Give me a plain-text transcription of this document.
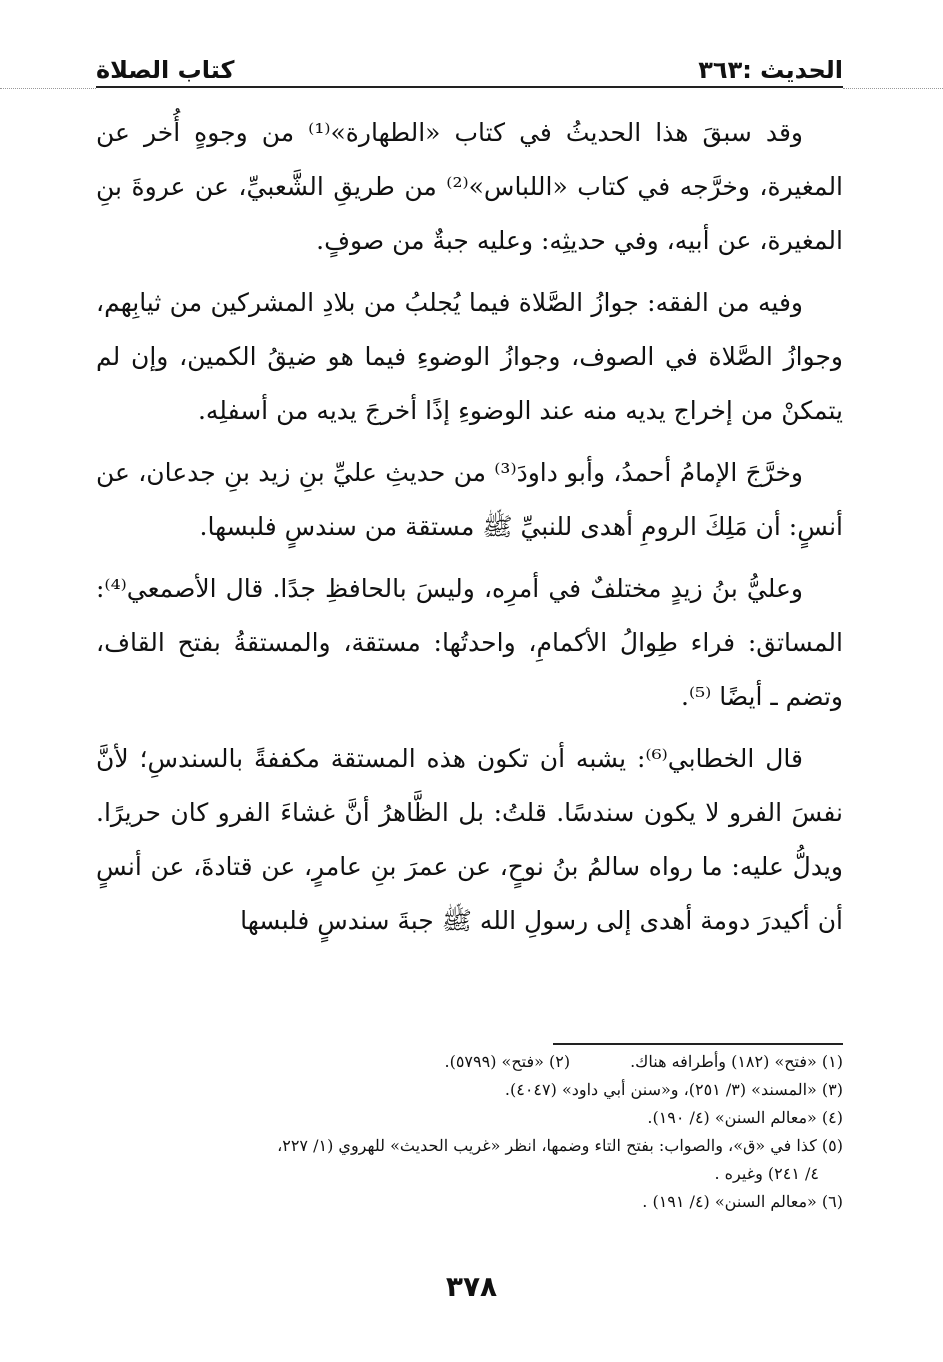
الحديث :٣٦٣
كتاب الصلاة

وقد سبقَ هذا الحديثُ في كتاب «الطهارة»⁽¹⁾ من وجوهٍ أُخر عن المغيرة، وخرَّجه في كتاب «اللباس»⁽²⁾ من طريقِ الشَّعبيِّ، عن عروةَ بنِ المغيرة، عن أبيه، وفي حديثِه: وعليه جبةٌ من صوفٍ.

وفيه من الفقه: جوازُ الصَّلاة فيما يُجلبُ من بلادِ المشركين من ثيابِهم، وجوازُ الصَّلاة في الصوف، وجوازُ الوضوءِ فيما هو ضيقُ الكمين، وإن لم يتمكنْ من إخراج يديه منه عند الوضوءِ إذًا أخرجَ يديه من أسفلِه.

وخرَّجَ الإمامُ أحمدُ، وأبو داودَ⁽³⁾ من حديثِ عليِّ بنِ زيد بنِ جدعان، عن أنسٍ: أن مَلِكَ الرومِ أهدى للنبيِّ ﷺ مستقة من سندسٍ فلبسها.

وعليُّ بنُ زيدٍ مختلفٌ في أمرِه، وليسَ بالحافظِ جدًا. قال الأصمعي⁽⁴⁾: المساتق: فراء طِوالُ الأكمامِ، واحدتُها: مستقة، والمستقةُ بفتح القاف، وتضم ـ أيضًا ⁽⁵⁾.

قال الخطابي⁽⁶⁾: يشبه أن تكون هذه المستقة مكففةً بالسندسِ؛ لأنَّ نفسَ الفرو لا يكون سندسًا. قلتُ: بل الظَّاهرُ أنَّ غشاءَ الفرو كان حريرًا. ويدلُّ عليه: ما رواه سالمُ بنُ نوحٍ، عن عمرَ بنِ عامرٍ، عن قتادةَ، عن أنسٍ أن أكيدرَ دومة أهدى إلى رسولِ الله ﷺ جبةَ سندسٍ فلبسها

(١) «فتح» (١٨٢) وأطرافه هناك.
(٢) «فتح» (٥٧٩٩).
(٣) «المسند» (٣/ ٢٥١)، و«سنن أبي داود» (٤٠٤٧).
(٤) «معالم السنن» (٤/ ١٩٠).
(٥) كذا في «ق»، والصواب: بفتح التاء وضمها، انظر «غريب الحديث» للهروي (١/ ٢٢٧،
٤/ ٢٤١) وغيره .
(٦) «معالم السنن» (٤/ ١٩١) .
٣٧٨
